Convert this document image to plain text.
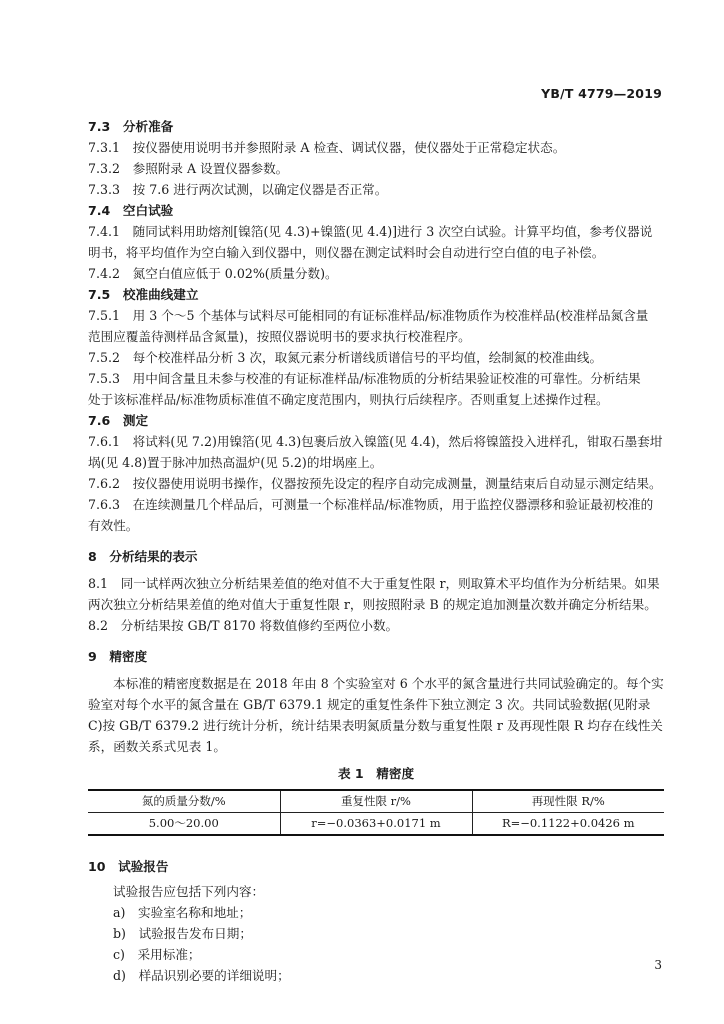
YB/T 4779—2019
7.3　分析准备
7.3.1　按仪器使用说明书并参照附录 A 检查、调试仪器，使仪器处于正常稳定状态。
7.3.2　参照附录 A 设置仪器参数。
7.3.3　按 7.6 进行两次试测，以确定仪器是否正常。
7.4　空白试验
7.4.1　随同试料用助熔剂[镍箔(见 4.3)+镍篮(见 4.4)]进行 3 次空白试验。计算平均值，参考仪器说
明书，将平均值作为空白输入到仪器中，则仪器在测定试料时会自动进行空白值的电子补偿。
7.4.2　氮空白值应低于 0.02%(质量分数)。
7.5　校准曲线建立
7.5.1　用 3 个～5 个基体与试料尽可能相同的有证标准样品/标准物质作为校准样品(校准样品氮含量
范围应覆盖待测样品含氮量)，按照仪器说明书的要求执行校准程序。
7.5.2　每个校准样品分析 3 次，取氮元素分析谱线质谱信号的平均值，绘制氮的校准曲线。
7.5.3　用中间含量且未参与校准的有证标准样品/标准物质的分析结果验证校准的可靠性。分析结果
处于该标准样品/标准物质标准值不确定度范围内，则执行后续程序。否则重复上述操作过程。
7.6　测定
7.6.1　将试料(见 7.2)用镍箔(见 4.3)包裹后放入镍篮(见 4.4)，然后将镍篮投入进样孔，钳取石墨套坩
埚(见 4.8)置于脉冲加热高温炉(见 5.2)的坩埚座上。
7.6.2　按仪器使用说明书操作，仪器按预先设定的程序自动完成测量，测量结束后自动显示测定结果。
7.6.3　在连续测量几个样品后，可测量一个标准样品/标准物质，用于监控仪器漂移和验证最初校准的
有效性。
8　分析结果的表示
8.1　同一试样两次独立分析结果差值的绝对值不大于重复性限 r，则取算术平均值作为分析结果。如果
两次独立分析结果差值的绝对值大于重复性限 r，则按照附录 B 的规定追加测量次数并确定分析结果。
8.2　分析结果按 GB/T 8170 将数值修约至两位小数。
9　精密度
本标准的精密度数据是在 2018 年由 8 个实验室对 6 个水平的氮含量进行共同试验确定的。每个实
验室对每个水平的氮含量在 GB/T 6379.1 规定的重复性条件下独立测定 3 次。共同试验数据(见附录
C)按 GB/T 6379.2 进行统计分析，统计结果表明氮质量分数与重复性限 r 及再现性限 R 均存在线性关
系，函数关系式见表 1。
表 1　精密度
氮的质量分数/%	重复性限 r/%	再现性限 R/%
5.00～20.00	r=−0.0363+0.0171 m	R=−0.1122+0.0426 m
10　试验报告
试验报告应包括下列内容：
a)　实验室名称和地址；
b)　试验报告发布日期；
c)　采用标准；
d)　样品识别必要的详细说明；
3
